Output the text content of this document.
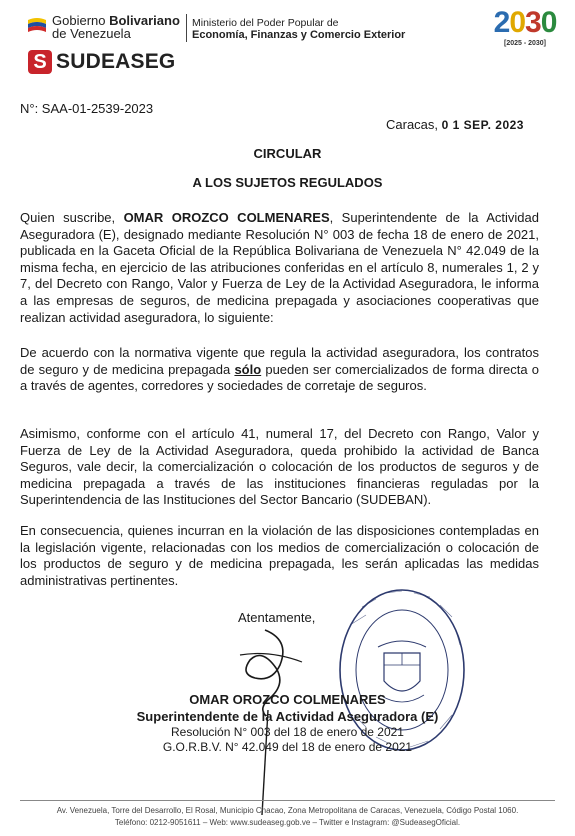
Gobierno Bolivariano
de Venezuela
Ministerio del Poder Popular de
Economía, Finanzas y Comercio Exterior
S SUDEASEG
2030
[2025 - 2030]
N°: SAA-01-2539-2023
Caracas, 0 1 SEP. 2023
CIRCULAR
A LOS SUJETOS REGULADOS
Quien suscribe, OMAR OROZCO COLMENARES, Superintendente de la Actividad Aseguradora (E), designado mediante Resolución N° 003 de fecha 18 de enero de 2021, publicada en la Gaceta Oficial de la República Bolivariana de Venezuela N° 42.049 de la misma fecha, en ejercicio de las atribuciones conferidas en el artículo 8, numerales 1, 2 y 7, del Decreto con Rango, Valor y Fuerza de Ley de la Actividad Aseguradora, le informa a las empresas de seguros, de medicina prepagada y asociaciones cooperativas que realizan actividad aseguradora, lo siguiente:
De acuerdo con la normativa vigente que regula la actividad aseguradora, los contratos de seguro y de medicina prepagada sólo pueden ser comercializados de forma directa o a través de agentes, corredores y sociedades de corretaje de seguros.
Asimismo, conforme con el artículo 41, numeral 17, del Decreto con Rango, Valor y Fuerza de Ley de la Actividad Aseguradora, queda prohibido la actividad de Banca Seguros, vale decir, la comercialización o colocación de los productos de seguros y de medicina prepagada a través de las instituciones financieras reguladas por la Superintendencia de las Instituciones del Sector Bancario (SUDEBAN).
En consecuencia, quienes incurran en la violación de las disposiciones contempladas en la legislación vigente, relacionadas con los medios de comercialización o colocación de los productos de seguro y de medicina prepagada, les serán aplicadas las medidas administrativas pertinentes.
Atentamente,
OMAR OROZCO COLMENARES
Superintendente de la Actividad Aseguradora (E)
Resolución N° 003 del 18 de enero de 2021
G.O.R.B.V. N° 42.049 del 18 de enero de 2021
Av. Venezuela, Torre del Desarrollo, El Rosal, Municipio Chacao, Zona Metropolitana de Caracas, Venezuela, Código Postal 1060.
Teléfono: 0212-9051611 – Web: www.sudeaseg.gob.ve – Twitter e Instagram: @SudeasegOficial.
